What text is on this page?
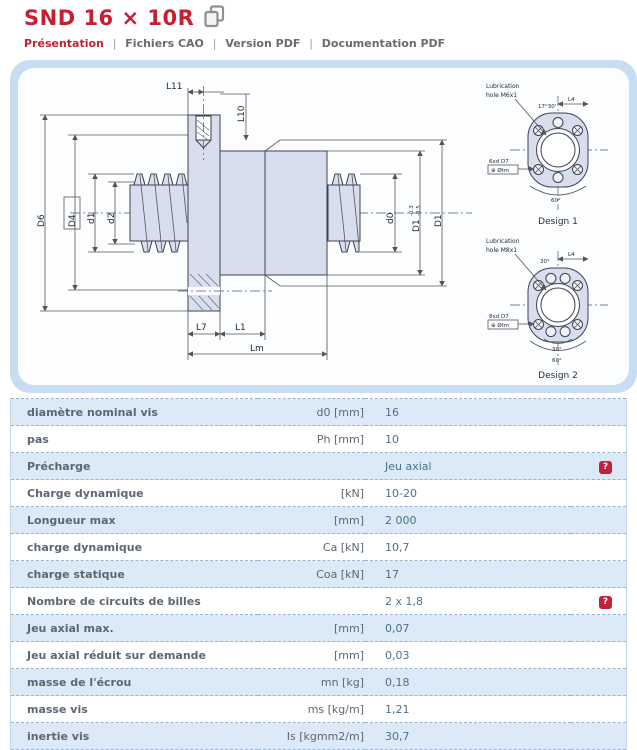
SND 16 × 10R
Présentation | Fichiers CAO | Version PDF | Documentation PDF
D6 D4 d1 d2	d0
D1
-0.3 -0.5
D1
L11
L10
L7	L1
Lm
Lubrication
hole M6x1
17°30'
L4
6xd D7
⊕ Øtm
60°
Design 1
Lubrication
hole M8x1
30°
L4
8xd D7
⊕ Øtm
30°
60°
Design 2
diamètre nominal vis	d0 [mm]	16	
pas	Ph [mm]	10	
Précharge		Jeu axial	?
Charge dynamique	[kN]	10-20	
Longueur max	[mm]	2 000	
charge dynamique	Ca [kN]	10,7	
charge statique	Coa [kN]	17	
Nombre de circuits de billes		2 x 1,8	?
Jeu axial max.	[mm]	0,07	
Jeu axial réduit sur demande	[mm]	0,03	
masse de l'écrou	mn [kg]	0,18	
masse vis	ms [kg/m]	1,21	
inertie vis	Is [kgmm2/m]	30,7	
